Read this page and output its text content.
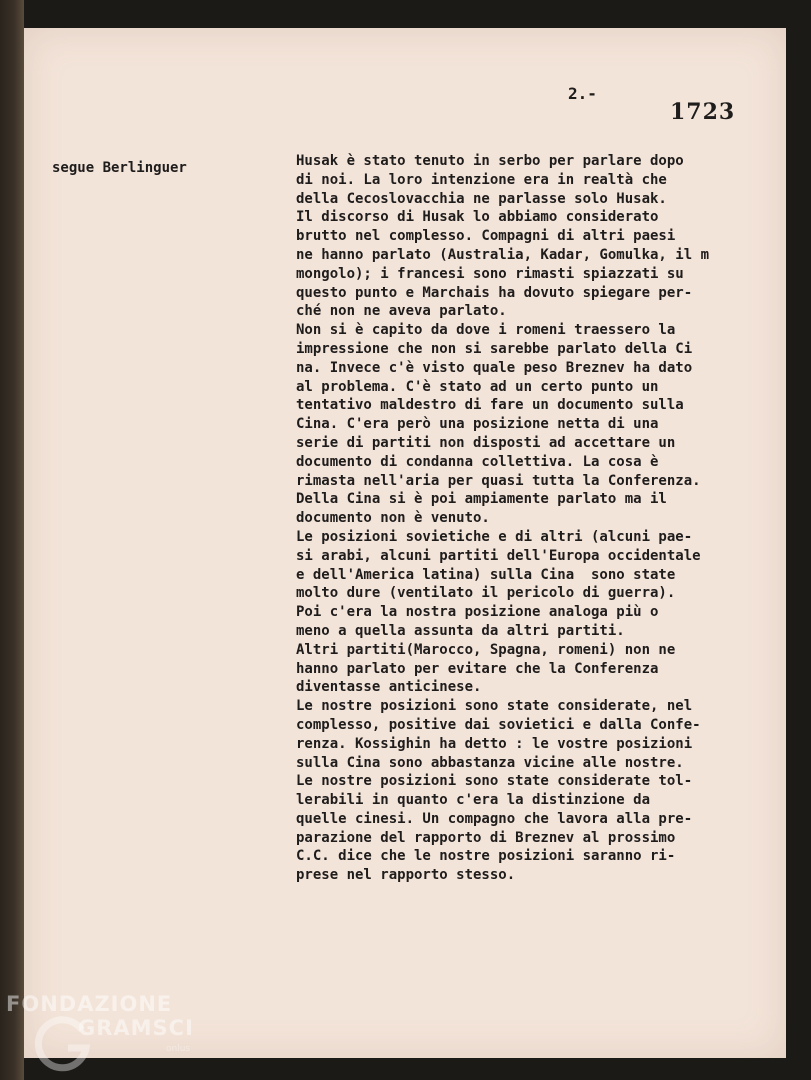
2.-
1723
segue Berlinguer	Husak è stato tenuto in serbo per parlare dopo
di noi. La loro intenzione era in realtà che
della Cecoslovacchia ne parlasse solo Husak.
Il discorso di Husak lo abbiamo considerato
brutto nel complesso. Compagni di altri paesi
ne hanno parlato (Australia, Kadar, Gomulka, il m
mongolo); i francesi sono rimasti spiazzati su
questo punto e Marchais ha dovuto spiegare per-
ché non ne aveva parlato.
Non si è capito da dove i romeni traessero la
impressione che non si sarebbe parlato della Ci
na. Invece c'è visto quale peso Breznev ha dato
al problema. C'è stato ad un certo punto un
tentativo maldestro di fare un documento sulla
Cina. C'era però una posizione netta di una
serie di partiti non disposti ad accettare un
documento di condanna collettiva. La cosa è
rimasta nell'aria per quasi tutta la Conferenza.
Della Cina si è poi ampiamente parlato ma il
documento non è venuto.
Le posizioni sovietiche e di altri (alcuni pae-
si arabi, alcuni partiti dell'Europa occidentale
e dell'America latina) sulla Cina  sono state
molto dure (ventilato il pericolo di guerra).
Poi c'era la nostra posizione analoga più o
meno a quella assunta da altri partiti.
Altri partiti(Marocco, Spagna, romeni) non ne
hanno parlato per evitare che la Conferenza
diventasse anticinese.
Le nostre posizioni sono state considerate, nel
complesso, positive dai sovietici e dalla Confe-
renza. Kossighin ha detto : le vostre posizioni
sulla Cina sono abbastanza vicine alle nostre.
Le nostre posizioni sono state considerate tol-
lerabili in quanto c'era la distinzione da
quelle cinesi. Un compagno che lavora alla pre-
parazione del rapporto di Breznev al prossimo
C.C. dice che le nostre posizioni saranno ri-
prese nel rapporto stesso.
FONDAZIONE
GRAMSCI
onlus
